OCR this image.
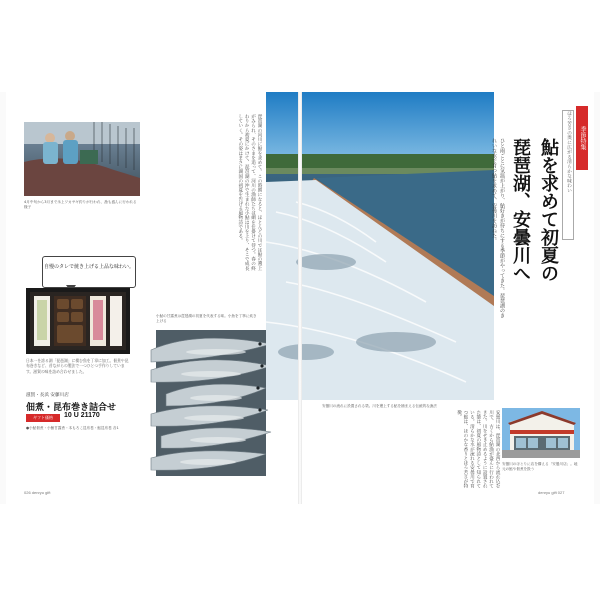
4月中旬から3月まで氷上ワカサギ釣りが行われ、漁も盛んに行われる様子	琵琶湖の河川に鮎を求めて。この時期になると、ほとんどの川では鮎の遡上がみられ、そのさまを追って、河川の漁師たちは網を仕掛けて待つ。春の終わりから初夏にかけて、琵琶湖の沖で生まれた小鮎は川を上り、そこで成長していく。その姿はまさに湖国の初夏を告げる風物詩である。
自慢のタレで焼き上げる上品な味わい。
日本一を誇る湖「琵琶湖」に棲む魚を丁寧に加工。佃煮や昆布巻きなど、昔ながらの製法で一つひとつ手作りしています。滋賀の味を詰め合わせました。
滋賀・長浜 安藤川店
佃煮・昆布巻き詰合せ
ギフト価格	10 U 21170
●小鮎佃煮・小鮒甘露煮・本もろこ昆布巻・鮎昆布巻 各1
小鮎の甘露煮は琵琶湖の初夏を代表する味。小魚を丁寧に炊き上げる
026 denryu gift
安曇川の流れに設置される簗。川を遡上する鮎を捕まえる伝統的な漁法
季節特集
ほろ苦さの奥に広がる清らかな味わい
鮎を求めて初夏の
琵琶湖、安曇川へ
ひと雨ごとに気温が上がり、鮎好きが待ちにする季節がやってきた。琵琶湖のきれいな水で育つ鮎を求めて、安曇川を訪ねた。
安曇川は、琵琶湖の北西から流れ込む川で、古くから鮎漁が盛んに行われてきた。川をせき止めるように設置された簗は、初夏の風物詩として知られている。清らかな水が流れる安曇川で育つ鮎は、ほのかな香りとほろ苦さが特徴。
安曇川のほとりに店を構える「安曇川店」。地元の鮎や佃煮を扱う
denryu gift 027
